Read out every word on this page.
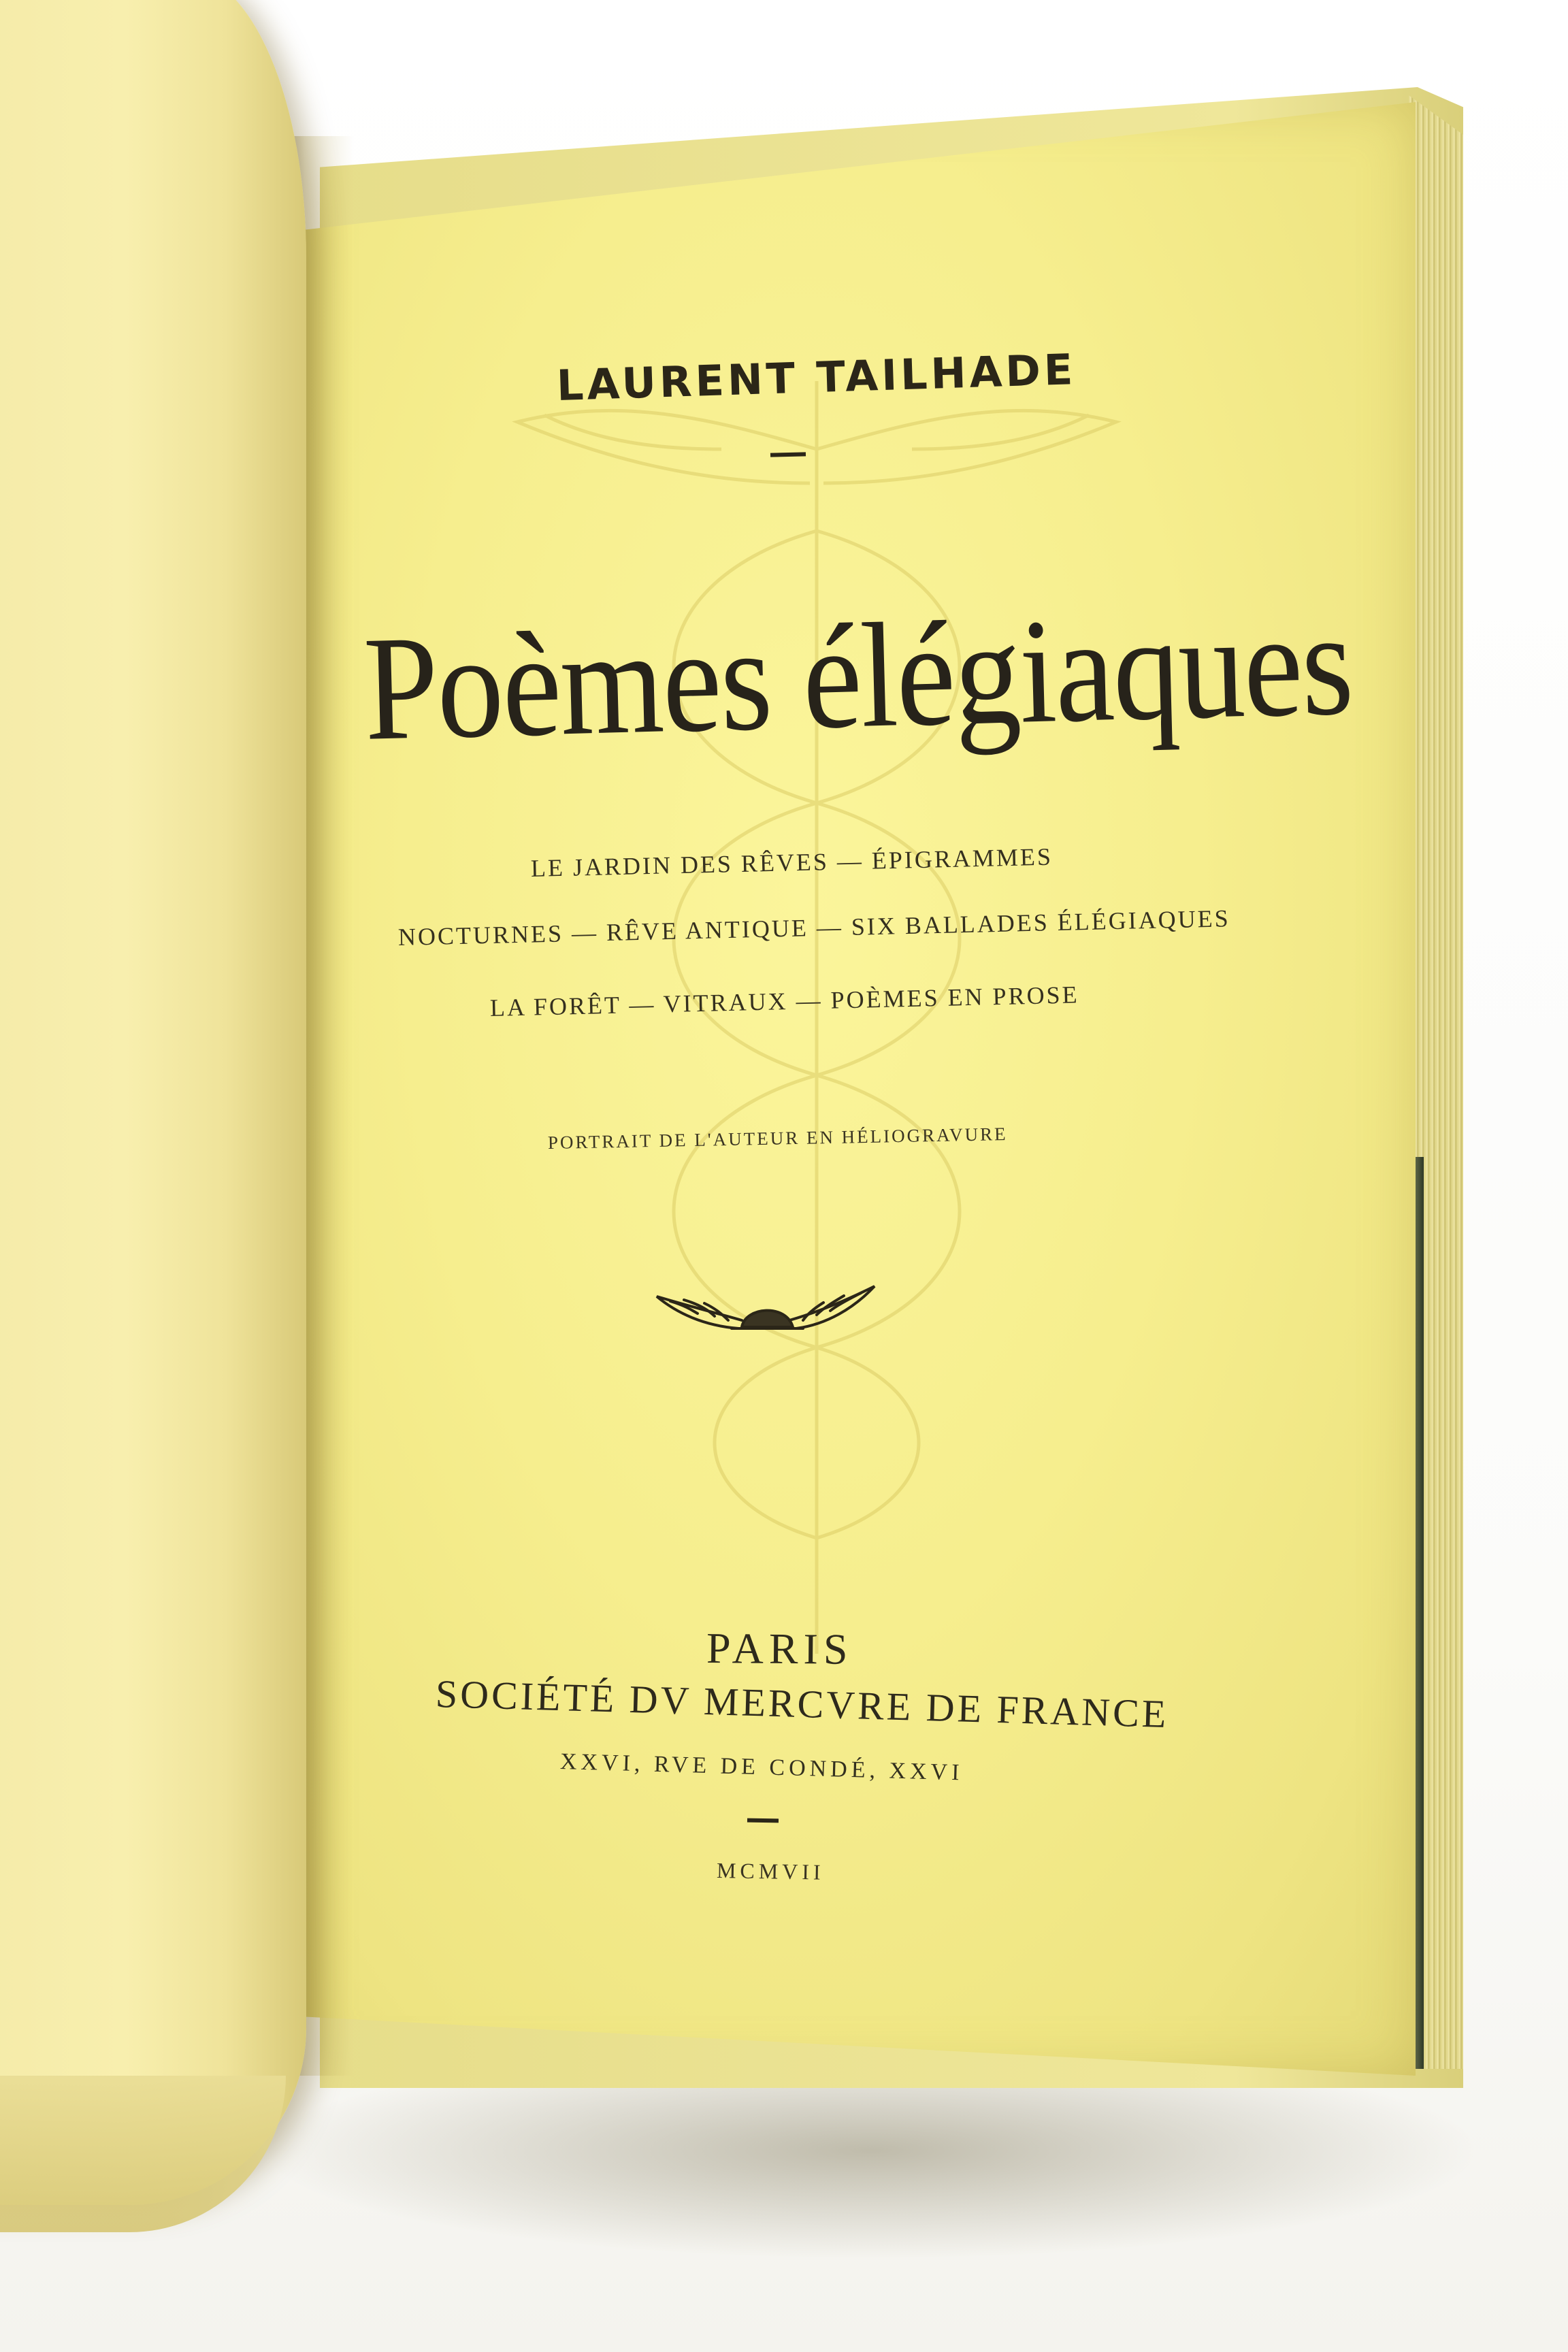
LAURENT TAILHADE
Poèmes élégiaques
LE JARDIN DES RÊVES — ÉPIGRAMMES
NOCTURNES — RÊVE ANTIQUE — SIX BALLADES ÉLÉGIAQUES
LA FORÊT — VITRAUX — POÈMES EN PROSE
PORTRAIT DE L'AUTEUR EN HÉLIOGRAVURE
PARIS
SOCIÉTÉ DV MERCVRE DE FRANCE
XXVI, RVE DE CONDÉ, XXVI
MCMVII
